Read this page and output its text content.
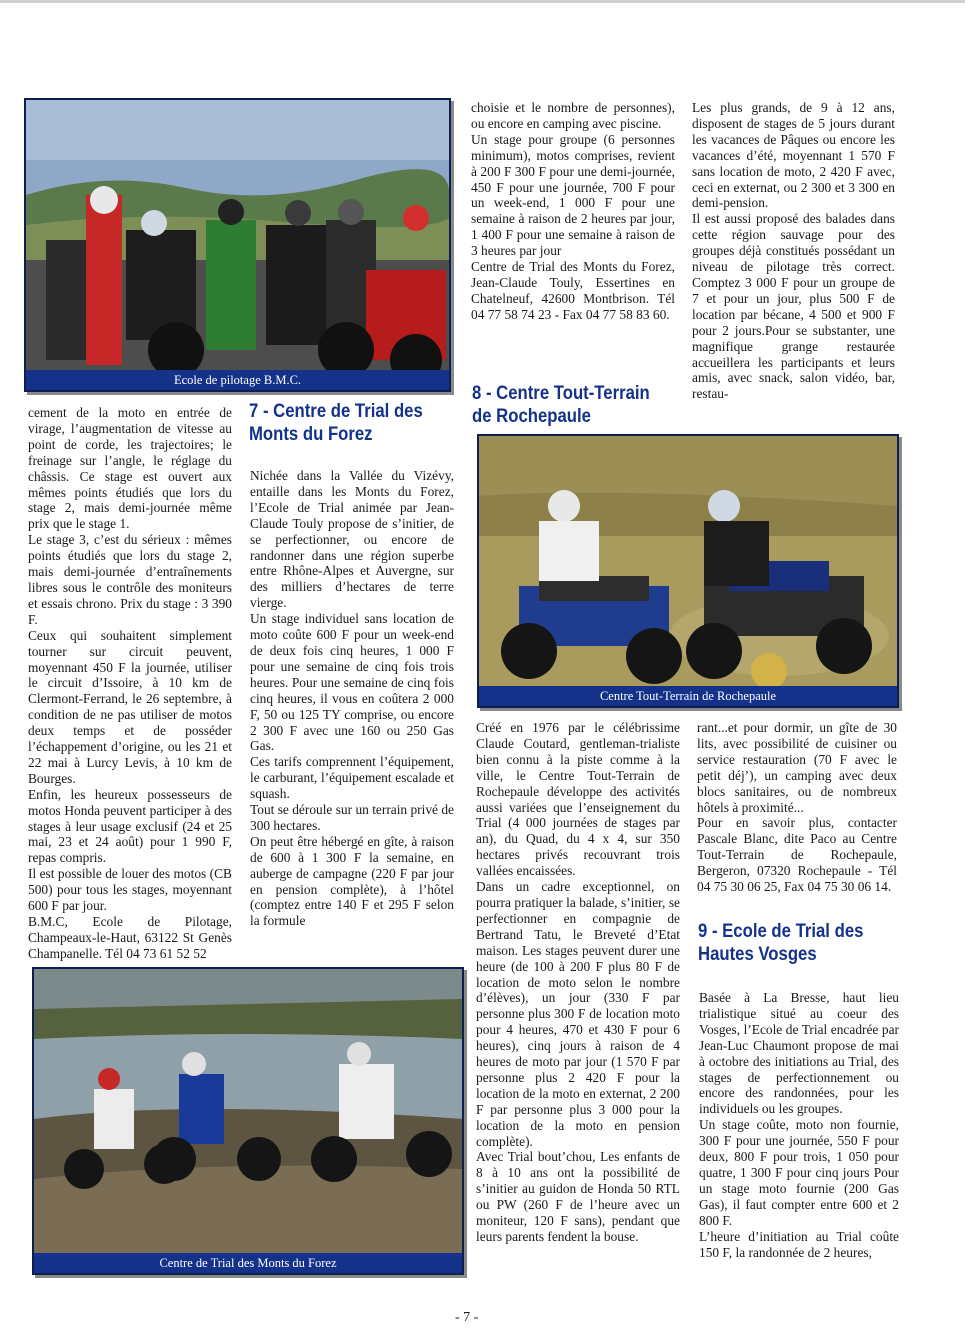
Ecole de pilotage B.M.C.

cement de la moto en entrée de virage, l’augmentation de vitesse au point de corde, les trajectoires; le freinage sur l’angle, le réglage du châssis. Ce stage est ouvert aux mêmes points étudiés que lors du stage 2, mais demi-journée même prix que le stage 1.

Le stage 3, c’est du sérieux : mêmes points étudiés que lors du stage 2, mais demi-journée d’entraînements libres sous le contrôle des moniteurs et essais chrono. Prix du stage : 3 390 F.

Ceux qui souhaitent simplement tourner sur circuit peuvent, moyennant 450 F la journée, utiliser le circuit d’Issoire, à 10 km de Clermont-Ferrand, le 26 septembre, à condition de ne pas utiliser de motos deux temps et de posséder l’échappement d’origine, ou les 21 et 22 mai à Lurcy Levis, à 10 km de Bourges.

Enfin, les heureux possesseurs de motos Honda peuvent participer à des stages à leur usage exclusif (24 et 25 mai, 23 et 24 août) pour 1 990 F, repas compris.

Il est possible de louer des motos (CB 500) pour tous les stages, moyennant 600 F par jour.

B.M.C, Ecole de Pilotage, Champeaux-le-Haut, 63122 St Genès Champanelle. Tél 04 73 61 52 52

7 - Centre de Trial des Monts du Forez

Nichée dans la Vallée du Vizévy, entaille dans les Monts du Forez, l’Ecole de Trial animée par Jean-Claude Touly propose de s’initier, de se perfectionner, ou encore de randonner dans une région superbe entre Rhône-Alpes et Auvergne, sur des milliers d’hectares de terre vierge.

Un stage individuel sans location de moto coûte 600 F pour un week-end de deux fois cinq heures, 1 000 F pour une semaine de cinq fois trois heures. Pour une semaine de cinq fois cinq heures, il vous en coûtera 2 000 F, 50 ou 125 TY comprise, ou encore 2 300 F avec une 160 ou 250 Gas Gas.

Ces tarifs comprennent l’équipement, le carburant, l’équipement escalade et squash.

Tout se déroule sur un terrain privé de 300 hectares.

On peut être hébergé en gîte, à raison de 600 à 1 300 F la semaine, en auberge de campagne (220 F par jour en pension complète), à l’hôtel (comptez entre 140 F et 295 F selon la formule

choisie et le nombre de personnes), ou encore en camping avec piscine.

Un stage pour groupe (6 personnes minimum), motos comprises, revient à 200 F 300 F pour une demi-journée, 450 F pour une journée, 700 F pour un week-end, 1 000 F pour une semaine à raison de 2 heures par jour, 1 400 F pour une semaine à raison de 3 heures par jour

Centre de Trial des Monts du Forez, Jean-Claude Touly, Essertines en Chatelneuf, 42600 Montbrison. Tél 04 77 58 74 23 - Fax 04 77 58 83 60.

8 - Centre Tout-Terrain de Rochepaule

Les plus grands, de 9 à 12 ans, disposent de stages de 5 jours durant les vacances de Pâques ou encore les vacances d’été, moyennant 1 570 F sans location de moto, 2 420 F avec, ceci en externat, ou 2 300 et 3 300 en demi-pension.

Il est aussi proposé des balades dans cette région sauvage pour des groupes déjà constitués possédant un niveau de pilotage très correct. Comptez 3 000 F pour un groupe de 7 et pour un jour, plus 500 F de location par bécane, 4 500 et 900 F pour 2 jours.Pour se substanter, une magnifique grange restaurée accueillera les participants et leurs amis, avec snack, salon vidéo, bar, restau-

Centre Tout-Terrain de Rochepaule

Créé en 1976 par le célébrissime Claude Coutard, gentleman-trialiste bien connu à la piste comme à la ville, le Centre Tout-Terrain de Rochepaule développe des activités aussi variées que l’enseignement du Trial (4 000 journées de stages par an), du Quad, du 4 x 4, sur 350 hectares privés recouvrant trois vallées encaissées.

Dans un cadre exceptionnel, on pourra pratiquer la balade, s’initier, se perfectionner en compagnie de Bertrand Tatu, le Breveté d’Etat maison. Les stages peuvent durer une heure (de 100 à 200 F plus 80 F de location de moto selon le nombre d’élèves), un jour (330 F par personne plus 300 F de location moto pour 4 heures, 470 et 430 F pour 6 heures), cinq jours à raison de 4 heures de moto par jour (1 570 F par personne plus 2 420 F pour la location de la moto en externat, 2 200 F par personne plus 3 000 pour la location de la moto en pension complète).

Avec Trial bout’chou, Les enfants de 8 à 10 ans ont la possibilité de s’initier au guidon de Honda 50 RTL ou PW (260 F de l’heure avec un moniteur, 120 F sans), pendant que leurs parents fendent la bouse.

rant...et pour dormir, un gîte de 30 lits, avec possibilité de cuisiner ou service restauration (70 F avec le petit déj’), un camping avec deux blocs sanitaires, ou de nombreux hôtels à proximité...

Pour en savoir plus, contacter Pascale Blanc, dite Paco au Centre Tout-Terrain de Rochepaule, Bergeron, 07320 Rochepaule - Tél 04 75 30 06 25, Fax 04 75 30 06 14.

9 - Ecole de Trial des Hautes Vosges

Basée à La Bresse, haut lieu trialistique situé au coeur des Vosges, l’Ecole de Trial encadrée par Jean-Luc Chaumont propose de mai à octobre des initiations au Trial, des stages de perfectionnement ou encore des randonnées, pour les individuels ou les groupes.

Un stage coûte, moto non fournie, 300 F pour une journée, 550 F pour deux, 800 F pour trois, 1 050 pour quatre, 1 300 F pour cinq jours Pour un stage moto fournie (200 Gas Gas), il faut compter entre 600 et 2 800 F.

L’heure d’initiation au Trial coûte 150 F, la randonnée de 2 heures,

Centre de Trial des Monts du Forez
- 7 -
